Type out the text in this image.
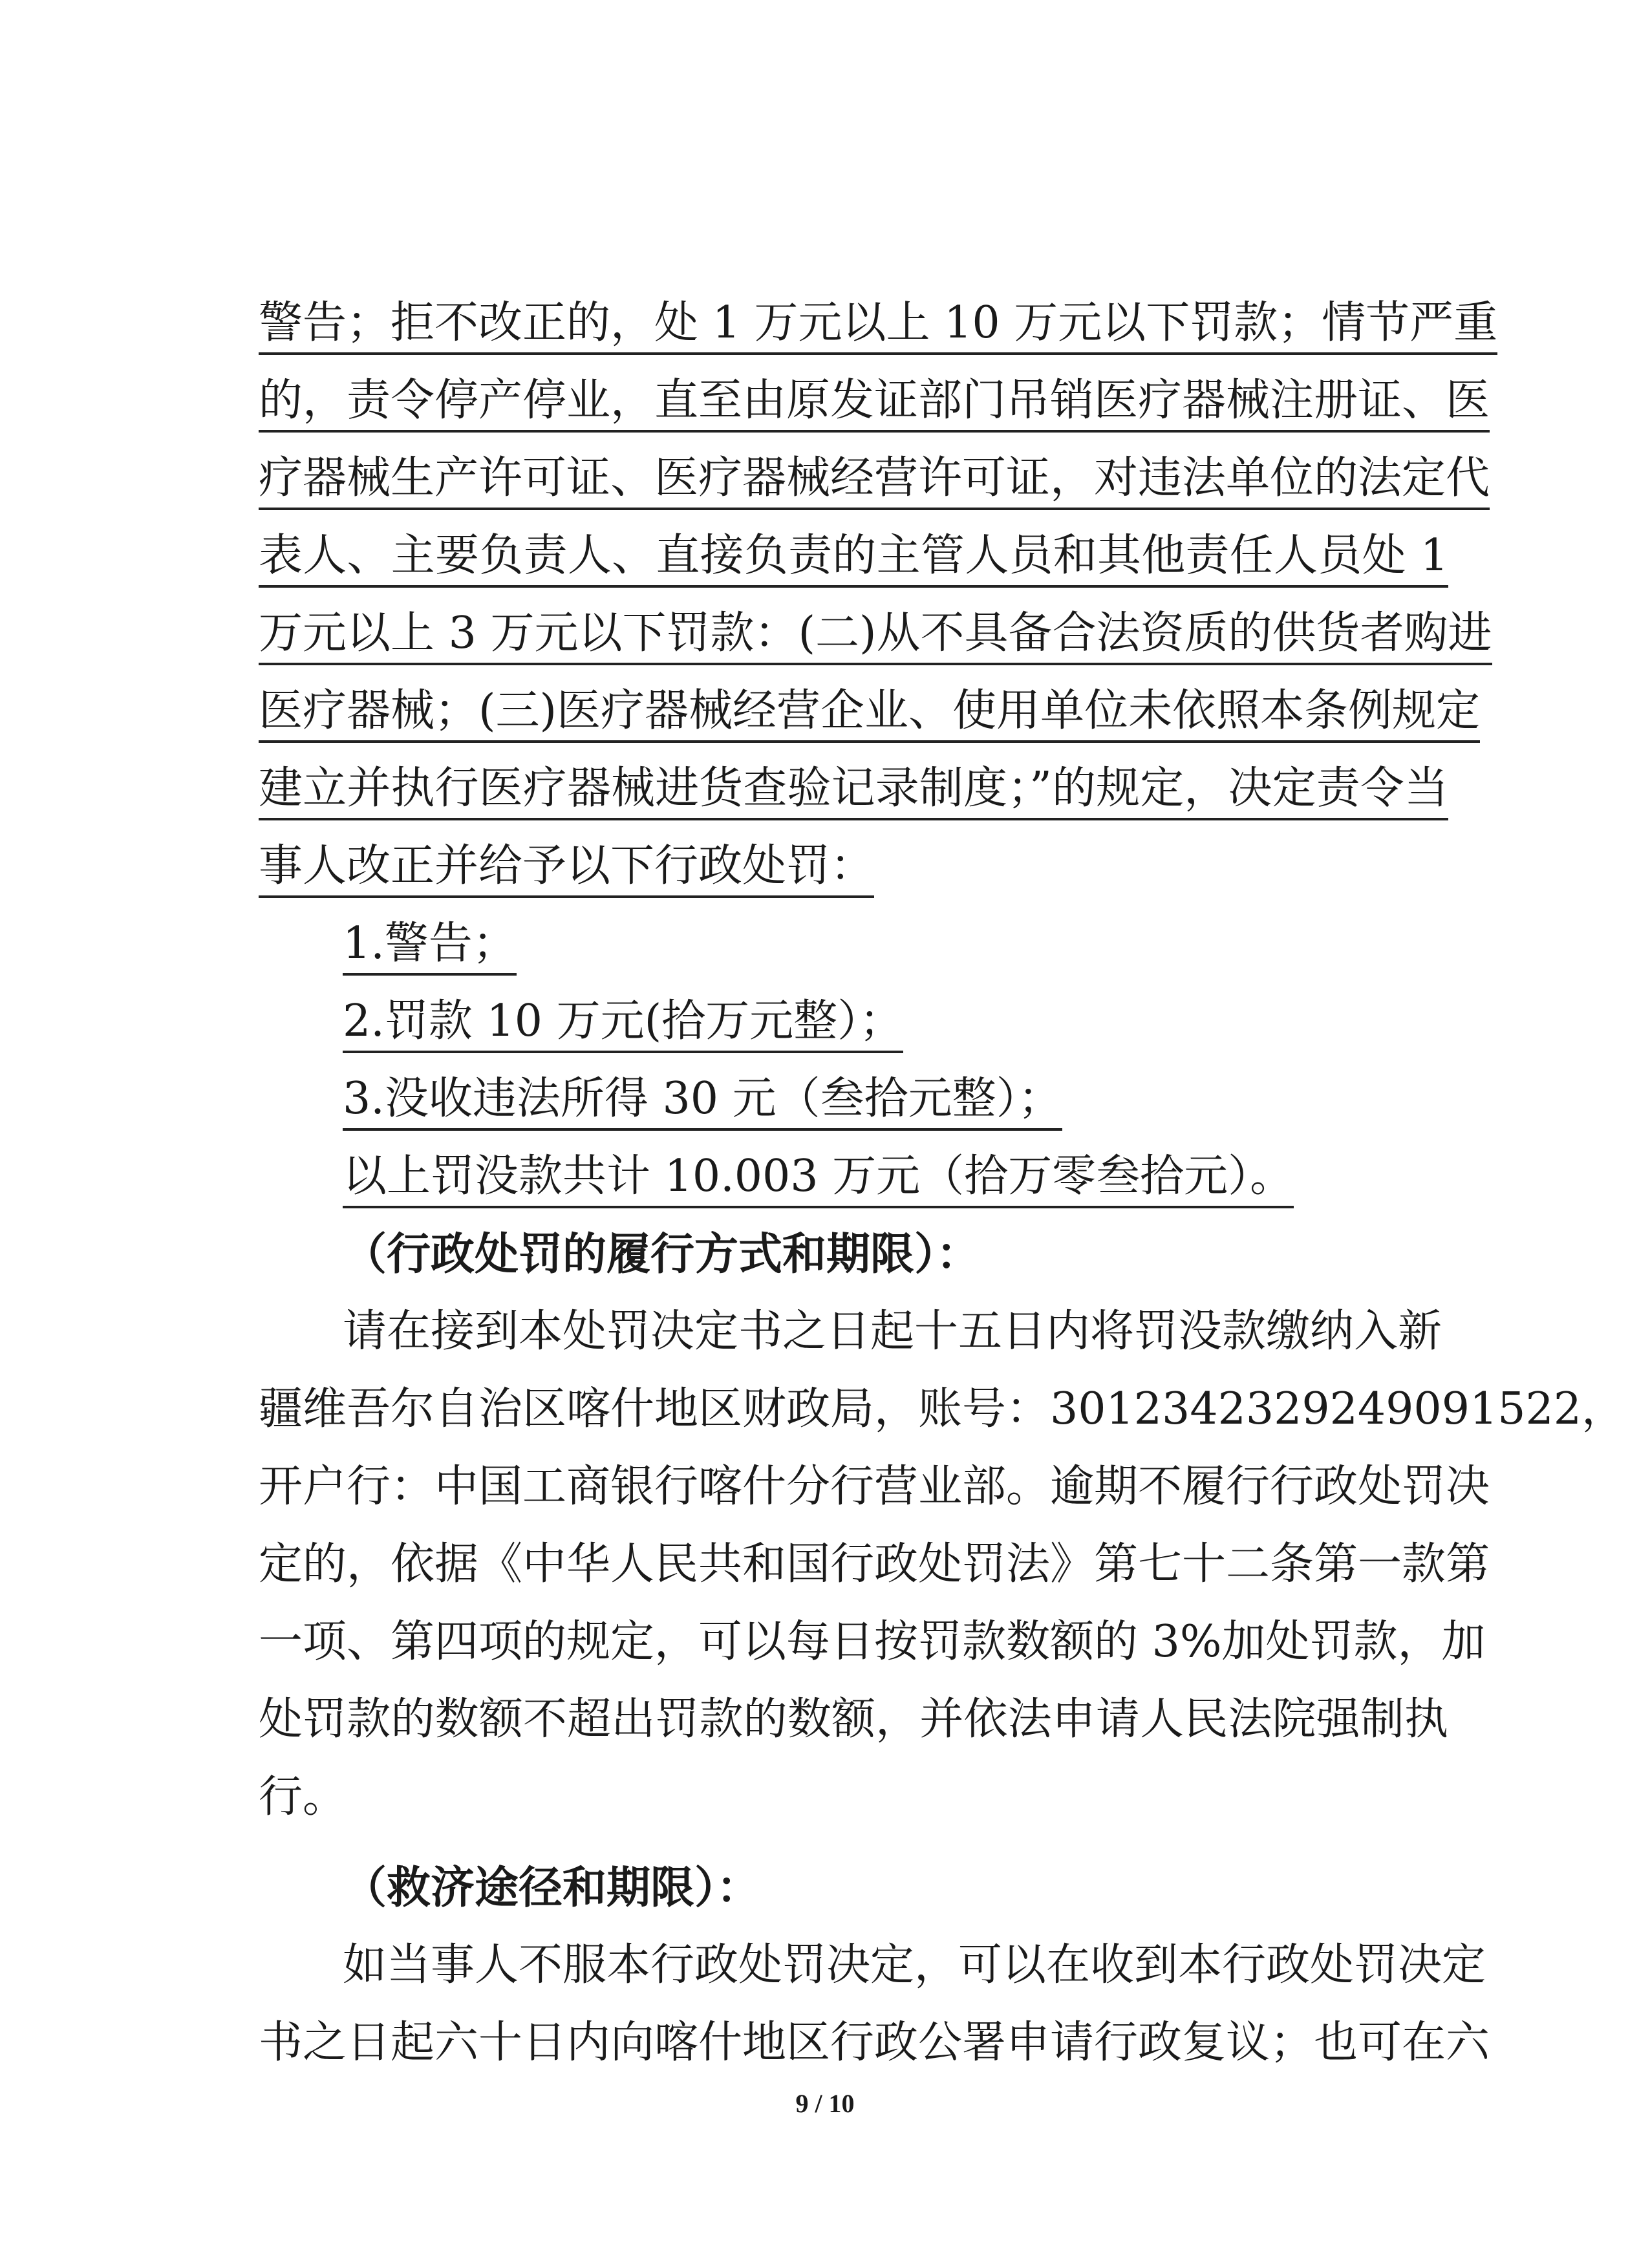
警告；拒不改正的，处 1 万元以上 10 万元以下罚款；情节严重
的，责令停产停业，直至由原发证部门吊销医疗器械注册证、医
疗器械生产许可证、医疗器械经营许可证，对违法单位的法定代
表人、主要负责人、直接负责的主管人员和其他责任人员处 1
万元以上 3 万元以下罚款：(二)从不具备合法资质的供货者购进
医疗器械；(三)医疗器械经营企业、使用单位未依照本条例规定
建立并执行医疗器械进货查验记录制度；”的规定，决定责令当
事人改正并给予以下行政处罚：
1.警告；
2.罚款 10 万元(拾万元整）；
3.没收违法所得 30 元（叁拾元整）；
以上罚没款共计 10.003 万元（拾万零叁拾元）。
（行政处罚的履行方式和期限）：
请在接到本处罚决定书之日起十五日内将罚没款缴纳入新
疆维吾尔自治区喀什地区财政局，账号：3012342329249091522，
开户行：中国工商银行喀什分行营业部。逾期不履行行政处罚决
定的，依据《中华人民共和国行政处罚法》第七十二条第一款第
一项、第四项的规定，可以每日按罚款数额的 3%加处罚款，加
处罚款的数额不超出罚款的数额，并依法申请人民法院强制执
行。
（救济途径和期限）：
如当事人不服本行政处罚决定，可以在收到本行政处罚决定
书之日起六十日内向喀什地区行政公署申请行政复议；也可在六
9 / 10
